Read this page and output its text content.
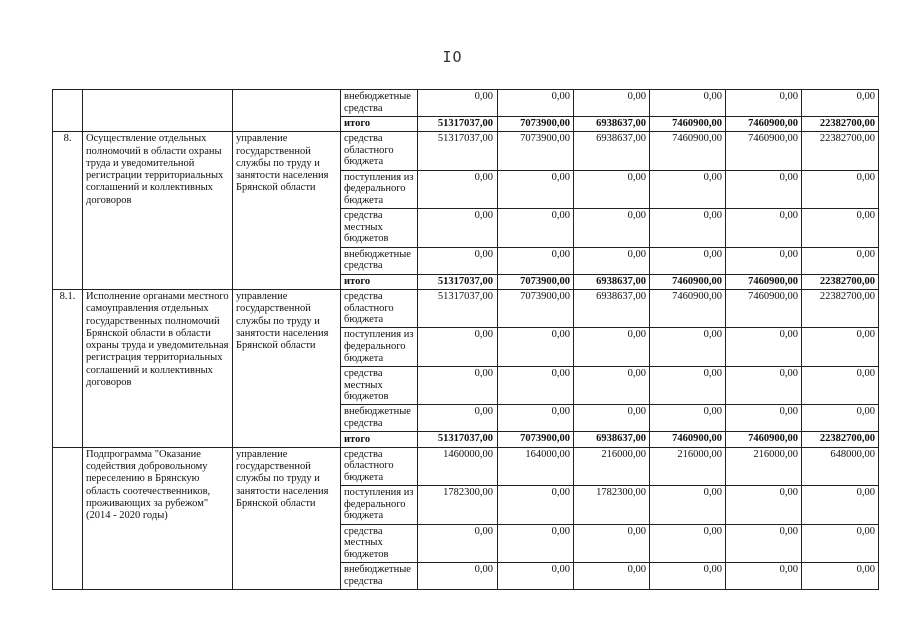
IO
			внебюджетные средства	0,00	0,00	0,00	0,00	0,00	0,00
			итого	51317037,00	7073900,00	6938637,00	7460900,00	7460900,00	22382700,00
8.	Осуществление отдельных полномочий в области охраны труда и уведомительной регистрации территориальных соглашений и коллективных договоров	управление государственной службы по труду и занятости населения Брянской области	средства областного бюджета	51317037,00	7073900,00	6938637,00	7460900,00	7460900,00	22382700,00
			поступления из федерального бюджета	0,00	0,00	0,00	0,00	0,00	0,00
			средства местных бюджетов	0,00	0,00	0,00	0,00	0,00	0,00
			внебюджетные средства	0,00	0,00	0,00	0,00	0,00	0,00
			итого	51317037,00	7073900,00	6938637,00	7460900,00	7460900,00	22382700,00
8.1.	Исполнение органами местного самоуправления отдельных государственных полномочий Брянской области в области охраны труда и уведомительная регистрация территориальных соглашений и коллективных договоров	управление государственной службы по труду и занятости населения Брянской области	средства областного бюджета	51317037,00	7073900,00	6938637,00	7460900,00	7460900,00	22382700,00
			поступления из федерального бюджета	0,00	0,00	0,00	0,00	0,00	0,00
			средства местных бюджетов	0,00	0,00	0,00	0,00	0,00	0,00
			внебюджетные средства	0,00	0,00	0,00	0,00	0,00	0,00
			итого	51317037,00	7073900,00	6938637,00	7460900,00	7460900,00	22382700,00
	Подпрограмма "Оказание содействия добровольному переселению в Брянскую область соотечественников, проживающих за рубежом" (2014 - 2020 годы)	управление государственной службы по труду и занятости населения Брянской области	средства областного бюджета	1460000,00	164000,00	216000,00	216000,00	216000,00	648000,00
			поступления из федерального бюджета	1782300,00	0,00	1782300,00	0,00	0,00	0,00
			средства местных бюджетов	0,00	0,00	0,00	0,00	0,00	0,00
			внебюджетные средства	0,00	0,00	0,00	0,00	0,00	0,00
